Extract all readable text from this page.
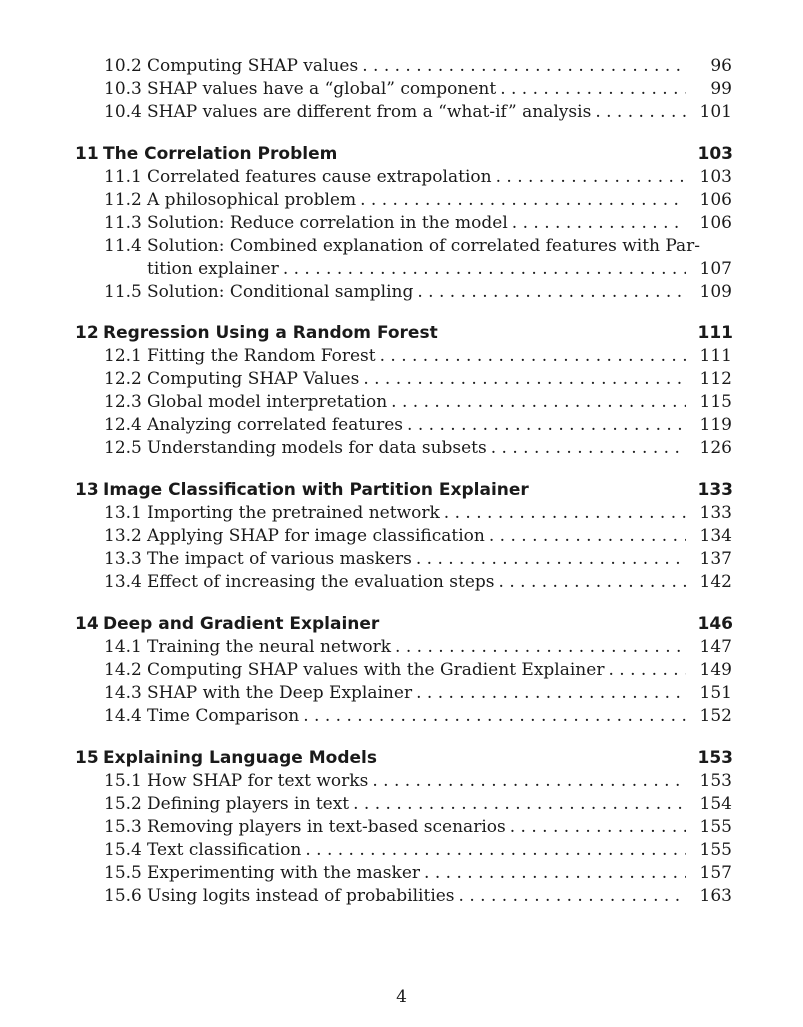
10.2 Computing SHAP values . . .	96
10.3 SHAP values have a “global” component . . .	99
10.4 SHAP values are different from a “what-if” analysis . . .	101
11 The Correlation Problem	103
11.1 Correlated features cause extrapolation . . .	103
11.2 A philosophical problem . . .	106
11.3 Solution: Reduce correlation in the model . . .	106
11.4 Solution: Combined explanation of correlated features with Par-
tition explainer . . .	107
11.5 Solution: Conditional sampling . . .	109
12 Regression Using a Random Forest	111
12.1 Fitting the Random Forest . . .	111
12.2 Computing SHAP Values . . .	112
12.3 Global model interpretation . . .	115
12.4 Analyzing correlated features . . .	119
12.5 Understanding models for data subsets . . .	126
13 Image Classification with Partition Explainer	133
13.1 Importing the pretrained network . . .	133
13.2 Applying SHAP for image classification . . .	134
13.3 The impact of various maskers . . .	137
13.4 Effect of increasing the evaluation steps . . .	142
14 Deep and Gradient Explainer	146
14.1 Training the neural network . . .	147
14.2 Computing SHAP values with the Gradient Explainer . . .	149
14.3 SHAP with the Deep Explainer . . .	151
14.4 Time Comparison . . .	152
15 Explaining Language Models	153
15.1 How SHAP for text works . . .	153
15.2 Defining players in text . . .	154
15.3 Removing players in text-based scenarios . . .	155
15.4 Text classification . . .	155
15.5 Experimenting with the masker . . .	157
15.6 Using logits instead of probabilities . . .	163
4
